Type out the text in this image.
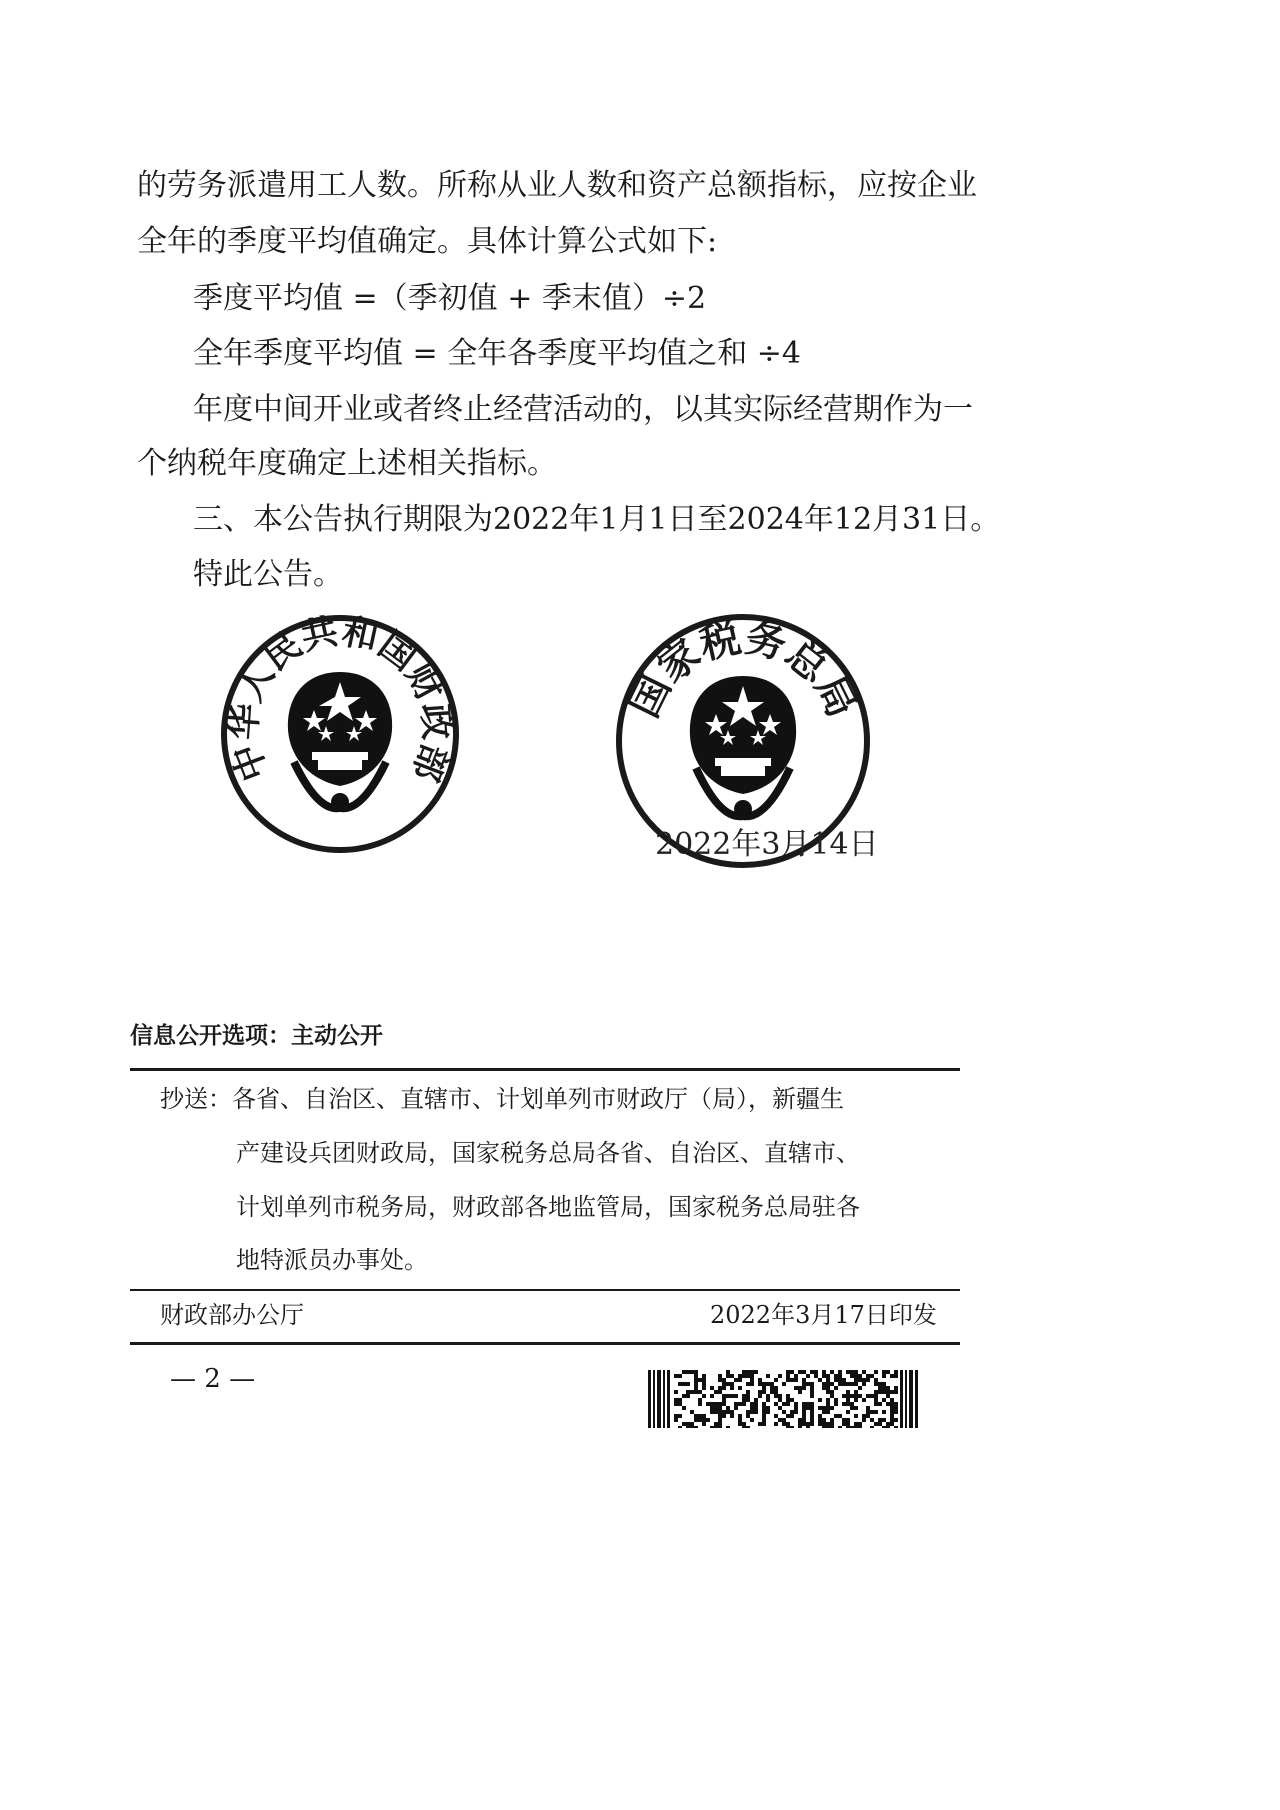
的劳务派遣用工人数。所称从业人数和资产总额指标，应按企业
全年的季度平均值确定。具体计算公式如下:
季度平均值 =（季初值 + 季末值）÷2
全年季度平均值 = 全年各季度平均值之和 ÷4
年度中间开业或者终止经营活动的，以其实际经营期作为一
个纳税年度确定上述相关指标。
三、本公告执行期限为2022年1月1日至2024年12月31日。
特此公告。
中华人民共和国财政部
国家税务总局
2022年3月14日
信息公开选项：主动公开
抄送：各省、自治区、直辖市、计划单列市财政厅（局），新疆生
产建设兵团财政局，国家税务总局各省、自治区、直辖市、
计划单列市税务局，财政部各地监管局，国家税务总局驻各
地特派员办事处。
财政部办公厅	2022年3月17日印发
— 2 —
